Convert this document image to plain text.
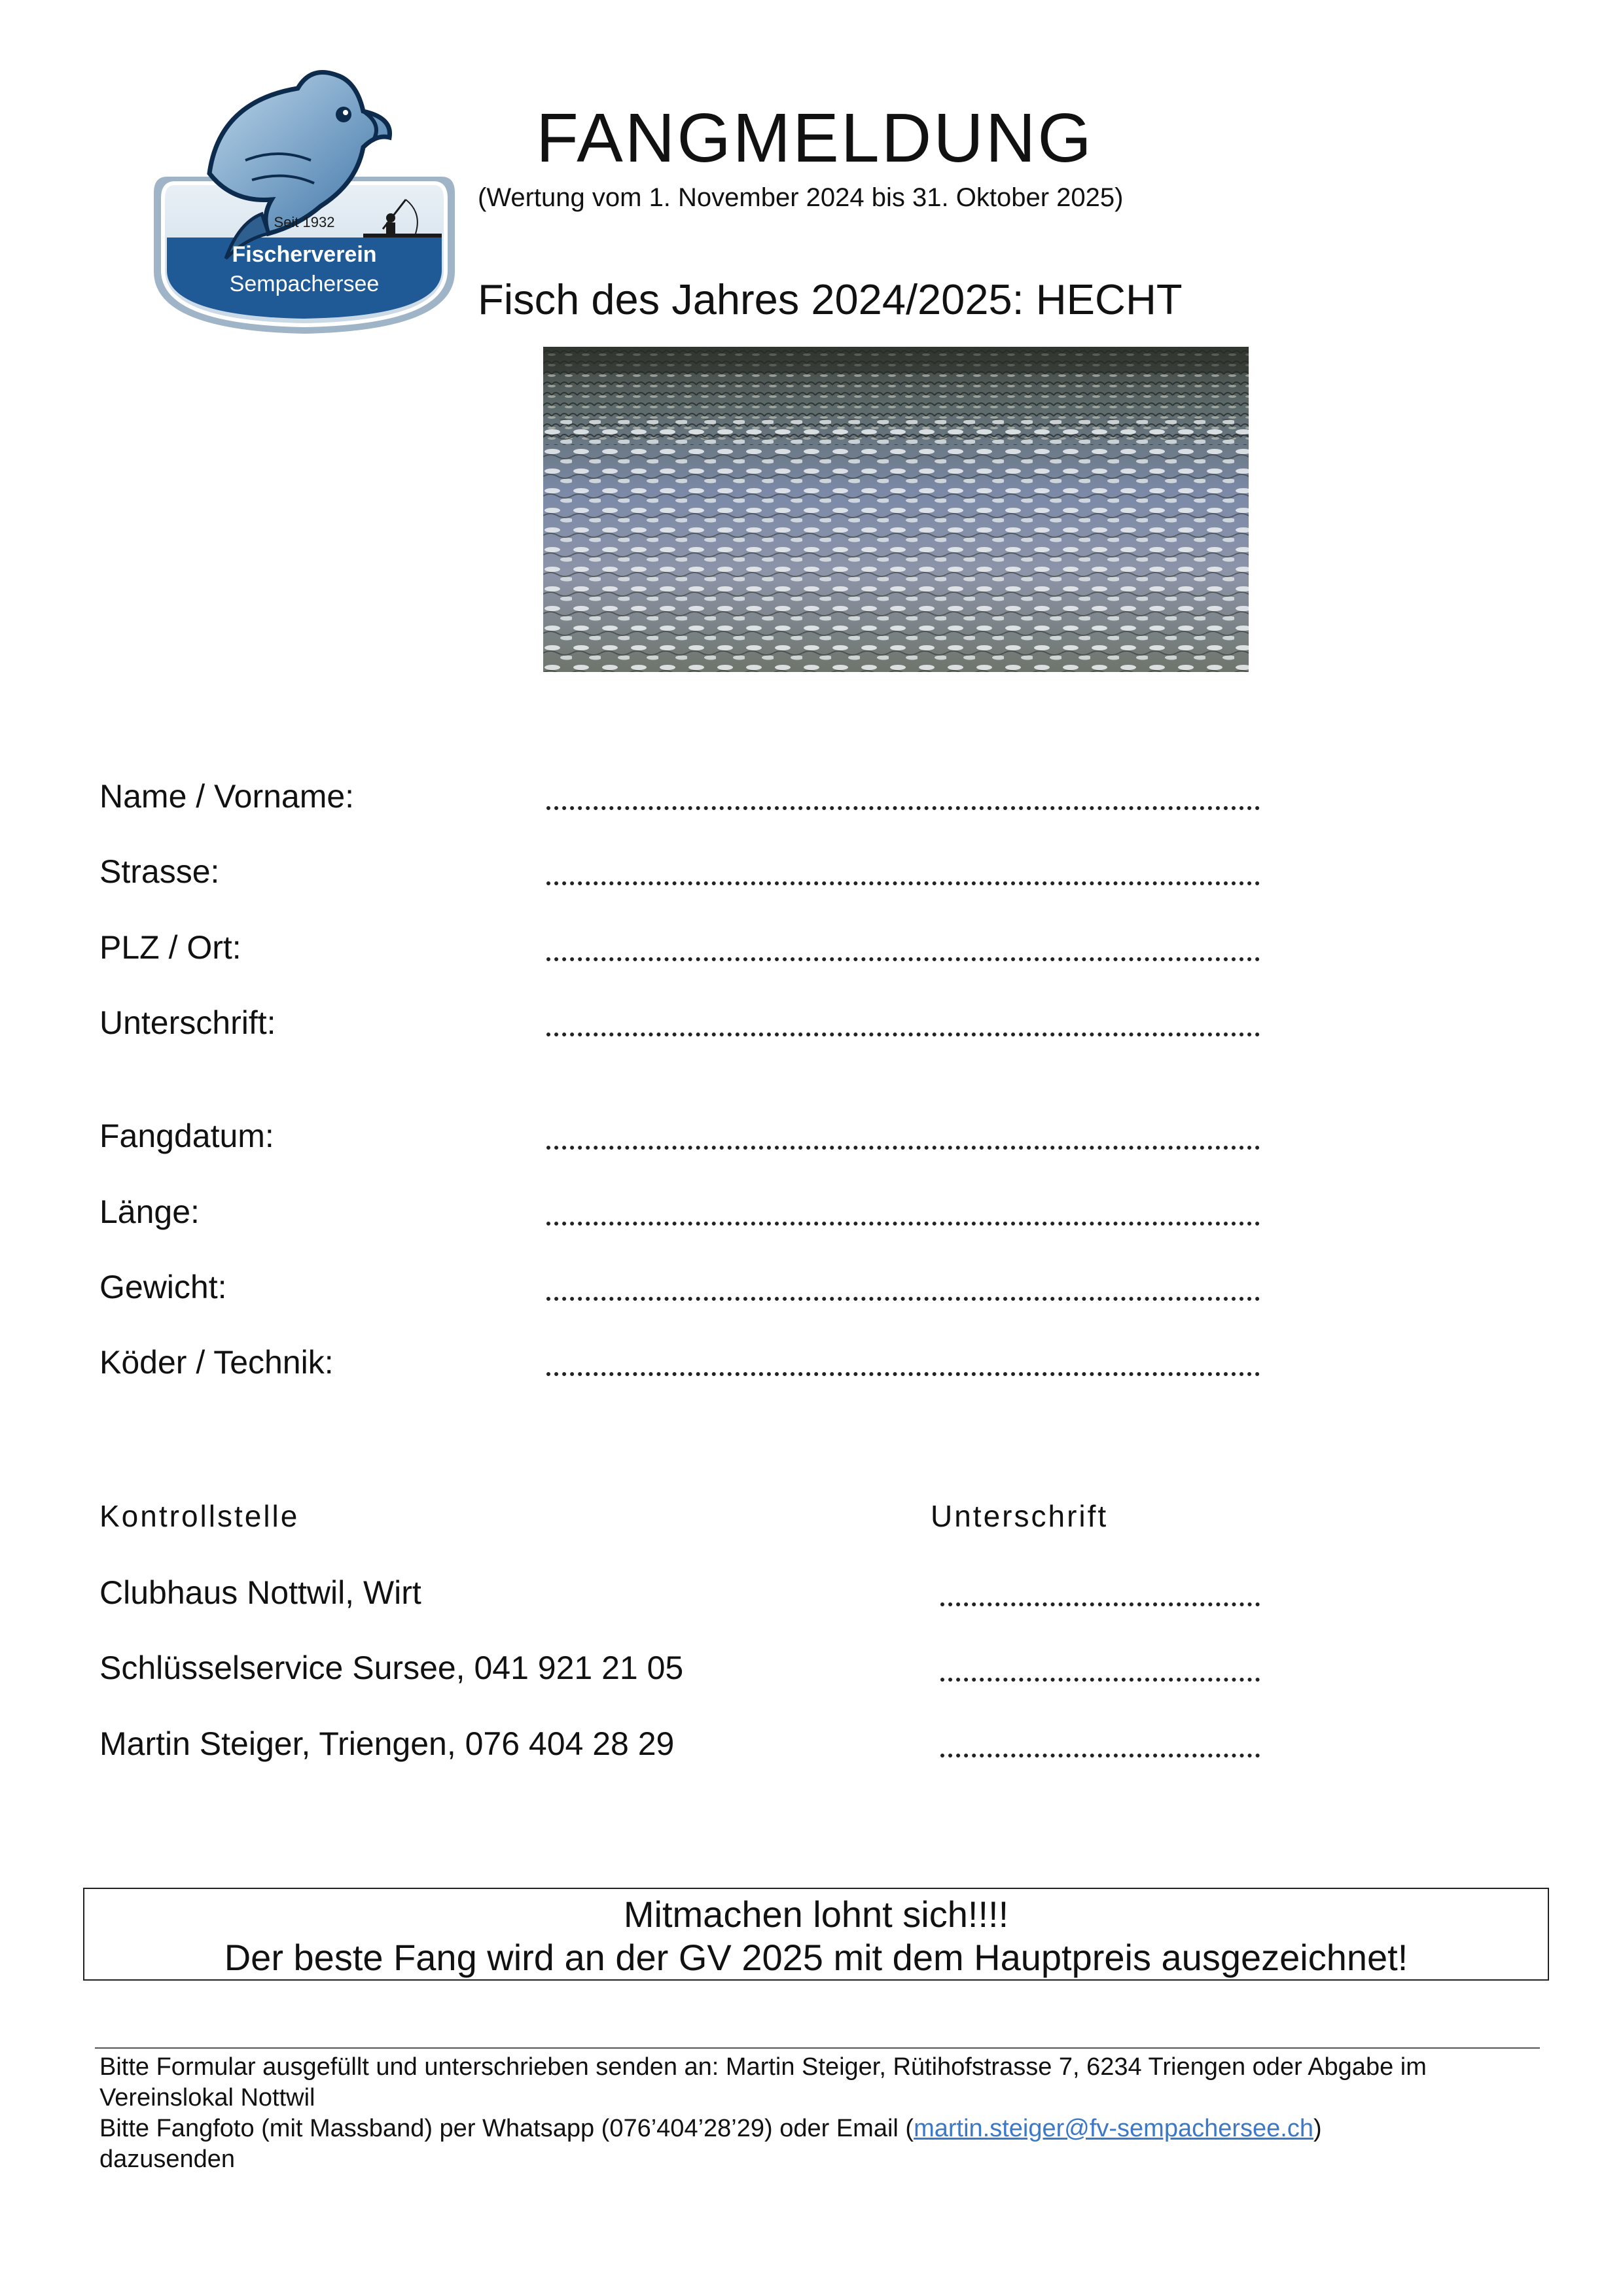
Seit 1932
Fischerverein
Sempachersee
FANGMELDUNG
(Wertung vom 1. November 2024 bis 31. Oktober 2025)
Fisch des Jahres 2024/2025: HECHT
Name / Vorname:
Strasse:
PLZ / Ort:
Unterschrift:
Fangdatum:
Länge:
Gewicht:
Köder / Technik:
Kontrollstelle	Unterschrift
Clubhaus Nottwil, Wirt
Schlüsselservice Sursee, 041 921 21 05
Martin Steiger, Triengen, 076 404 28 29
Mitmachen lohnt sich!!!!
Der beste Fang wird an der GV 2025 mit dem Hauptpreis ausgezeichnet!
Bitte Formular ausgefüllt und unterschrieben senden an: Martin Steiger, Rütihofstrasse 7, 6234 Triengen oder Abgabe im Vereinslokal Nottwil
Bitte Fangfoto (mit Massband) per Whatsapp (076’404’28’29) oder Email (martin.steiger@fv-sempachersee.ch)
dazusenden
